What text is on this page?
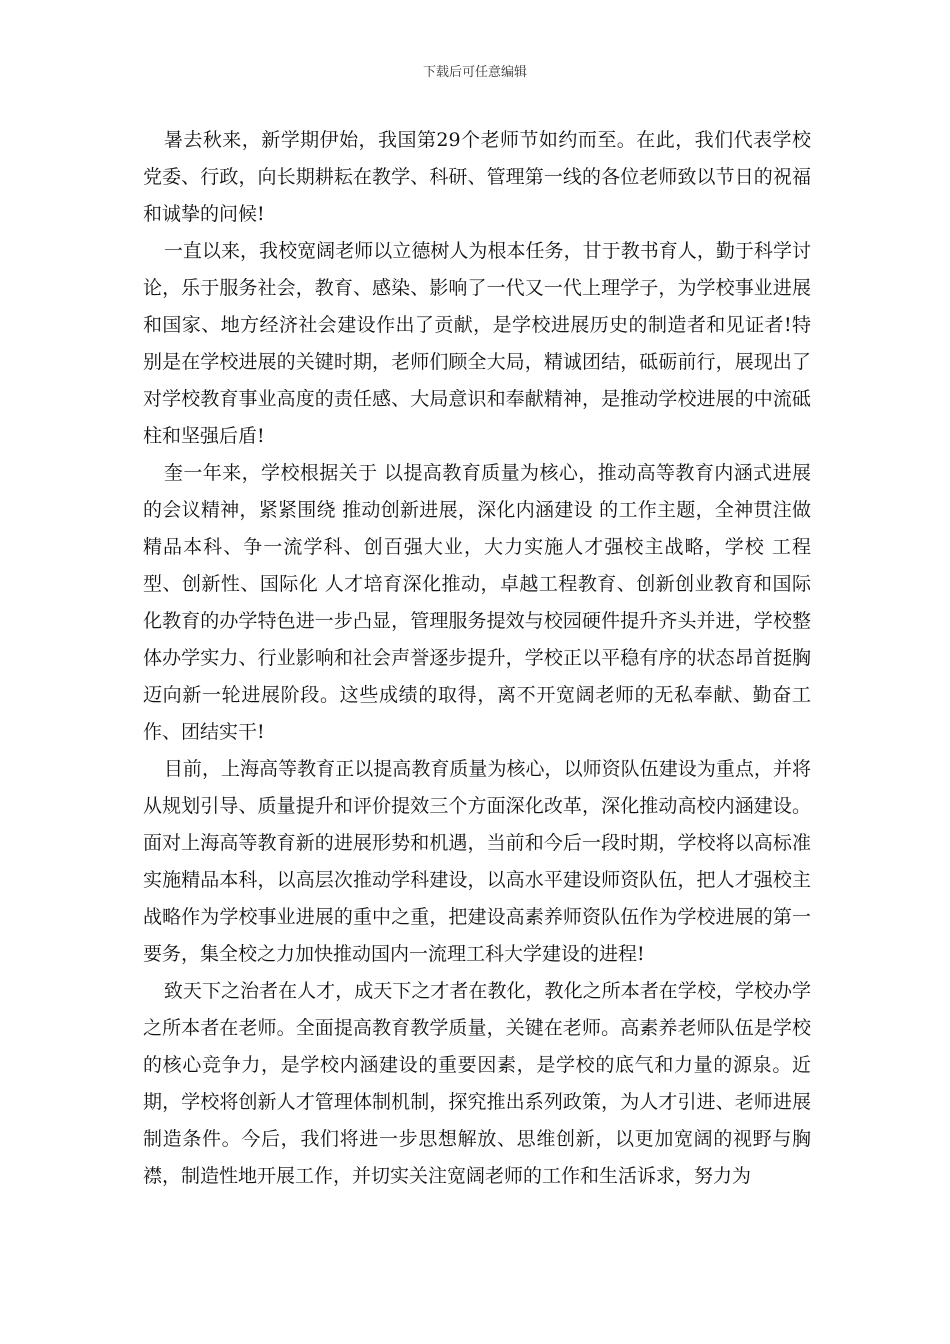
下载后可任意编辑

暑去秋来，新学期伊始，我国第29个老师节如约而至。在此，我们代表学校党委、行政，向长期耕耘在教学、科研、管理第一线的各位老师致以节日的祝福和诚挚的问候!

一直以来，我校宽阔老师以立德树人为根本任务，甘于教书育人，勤于科学讨论，乐于服务社会，教育、感染、影响了一代又一代上理学子，为学校事业进展和国家、地方经济社会建设作出了贡献，是学校进展历史的制造者和见证者!特别是在学校进展的关键时期，老师们顾全大局，精诚团结，砥砺前行，展现出了对学校教育事业高度的责任感、大局意识和奉献精神，是推动学校进展的中流砥柱和坚强后盾!

奎一年来，学校根据关于 以提高教育质量为核心，推动高等教育内涵式进展的会议精神，紧紧围绕 推动创新进展，深化内涵建设 的工作主题，全神贯注做精品本科、争一流学科、创百强大业，大力实施人才强校主战略，学校 工程型、创新性、国际化 人才培育深化推动，卓越工程教育、创新创业教育和国际化教育的办学特色进一步凸显，管理服务提效与校园硬件提升齐头并进，学校整体办学实力、行业影响和社会声誉逐步提升，学校正以平稳有序的状态昂首挺胸迈向新一轮进展阶段。这些成绩的取得，离不开宽阔老师的无私奉献、勤奋工作、团结实干!

目前，上海高等教育正以提高教育质量为核心，以师资队伍建设为重点，并将从规划引导、质量提升和评价提效三个方面深化改革，深化推动高校内涵建设。面对上海高等教育新的进展形势和机遇，当前和今后一段时期，学校将以高标准实施精品本科，以高层次推动学科建设，以高水平建设师资队伍，把人才强校主战略作为学校事业进展的重中之重，把建设高素养师资队伍作为学校进展的第一要务，集全校之力加快推动国内一流理工科大学建设的进程!

致天下之治者在人才，成天下之才者在教化，教化之所本者在学校，学校办学之所本者在老师。全面提高教育教学质量，关键在老师。高素养老师队伍是学校的核心竞争力，是学校内涵建设的重要因素，是学校的底气和力量的源泉。近期，学校将创新人才管理体制机制，探究推出系列政策，为人才引进、老师进展制造条件。今后，我们将进一步思想解放、思维创新，以更加宽阔的视野与胸襟，制造性地开展工作，并切实关注宽阔老师的工作和生活诉求，努力为
